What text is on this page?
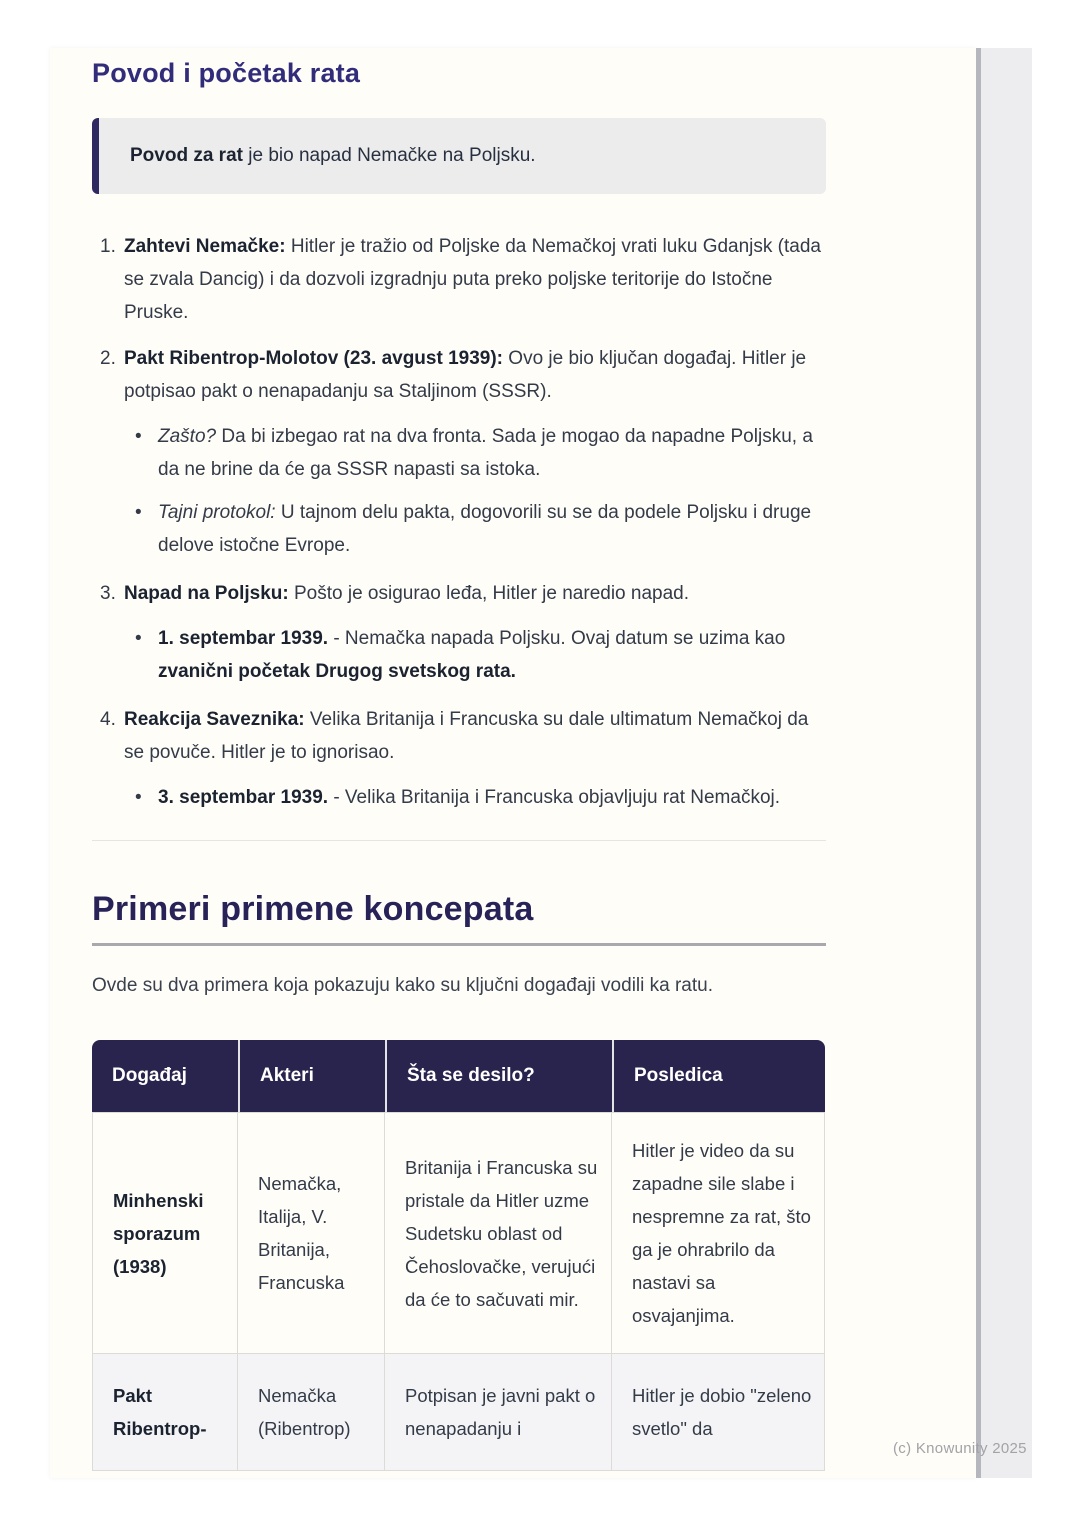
Povod i početak rata
Povod za rat je bio napad Nemačke na Poljsku.
1. Zahtevi Nemačke: Hitler je tražio od Poljske da Nemačkoj vrati luku Gdanjsk (tada se zvala Dancig) i da dozvoli izgradnju puta preko poljske teritorije do Istočne Pruske.
2. Pakt Ribentrop-Molotov (23. avgust 1939): Ovo je bio ključan događaj. Hitler je potpisao pakt o nenapadanju sa Staljinom (SSSR).
• Zašto? Da bi izbegao rat na dva fronta. Sada je mogao da napadne Poljsku, a da ne brine da će ga SSSR napasti sa istoka.
• Tajni protokol: U tajnom delu pakta, dogovorili su se da podele Poljsku i druge delove istočne Evrope.
3. Napad na Poljsku: Pošto je osigurao leđa, Hitler je naredio napad.
• 1. septembar 1939. - Nemačka napada Poljsku. Ovaj datum se uzima kao zvanični početak Drugog svetskog rata.
4. Reakcija Saveznika: Velika Britanija i Francuska su dale ultimatum Nemačkoj da se povuče. Hitler je to ignorisao.
• 3. septembar 1939. - Velika Britanija i Francuska objavljuju rat Nemačkoj.
Primeri primene koncepata

Ovde su dva primera koja pokazuju kako su ključni događaji vodili ka ratu.

Događaj	Akteri	Šta se desilo?	Posledica
Minhenski sporazum (1938)	Nemačka, Italija, V. Britanija, Francuska	Britanija i Francuska su pristale da Hitler uzme Sudetsku oblast od Čehoslovačke, verujući da će to sačuvati mir.	Hitler je video da su zapadne sile slabe i nespremne za rat, što ga je ohrabrilo da nastavi sa osvajanjima.
Pakt Ribentrop-	Nemačka (Ribentrop)	Potpisan je javni pakt o nenapadanju i	Hitler je dobio "zeleno svetlo" da
(c) Knowunity 2025
